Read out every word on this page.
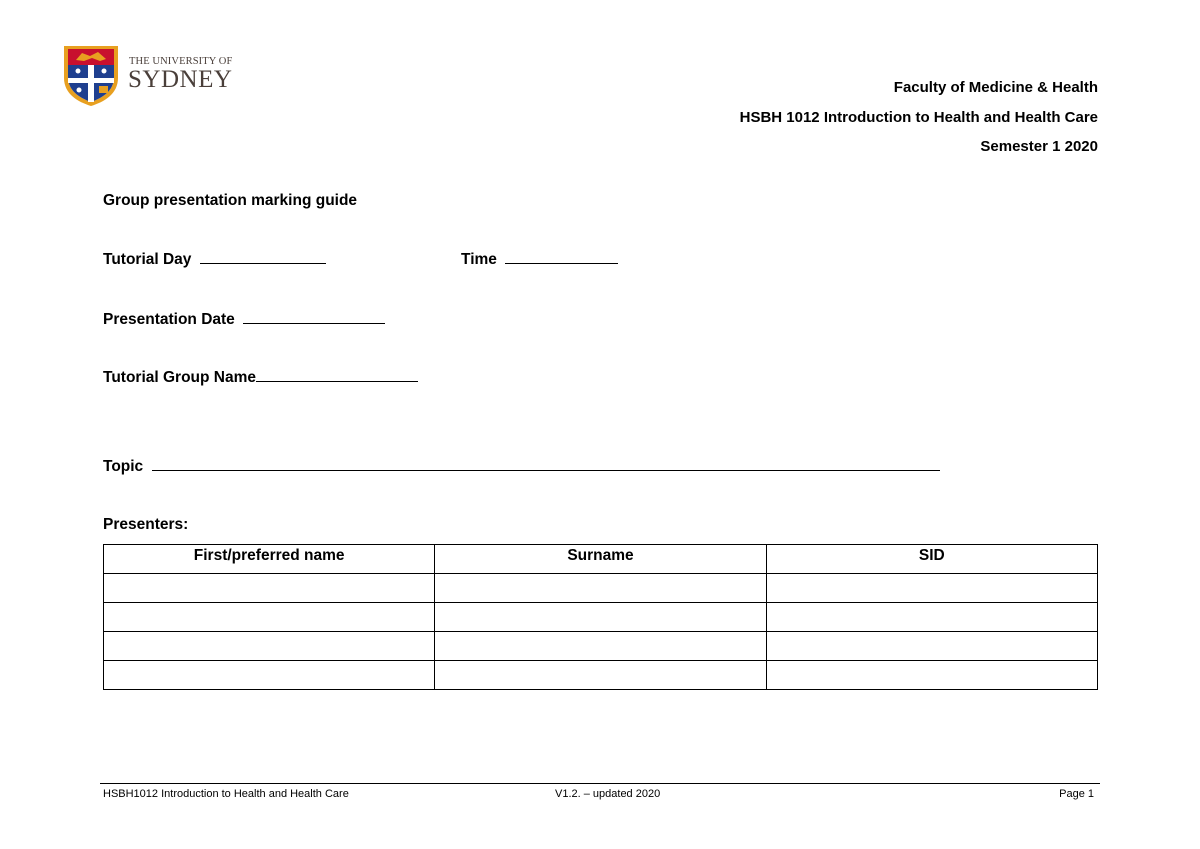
THE UNIVERSITY OF
SYDNEY	Faculty of Medicine & Health
HSBH 1012 Introduction to Health and Health Care
Semester 1 2020
Group presentation marking guide
Tutorial Day	Time
Presentation Date
Tutorial Group Name
Topic
Presenters:
First/preferred name	Surname	SID

HSBH1012 Introduction to Health and Health Care	V1.2. – updated 2020	Page 1
